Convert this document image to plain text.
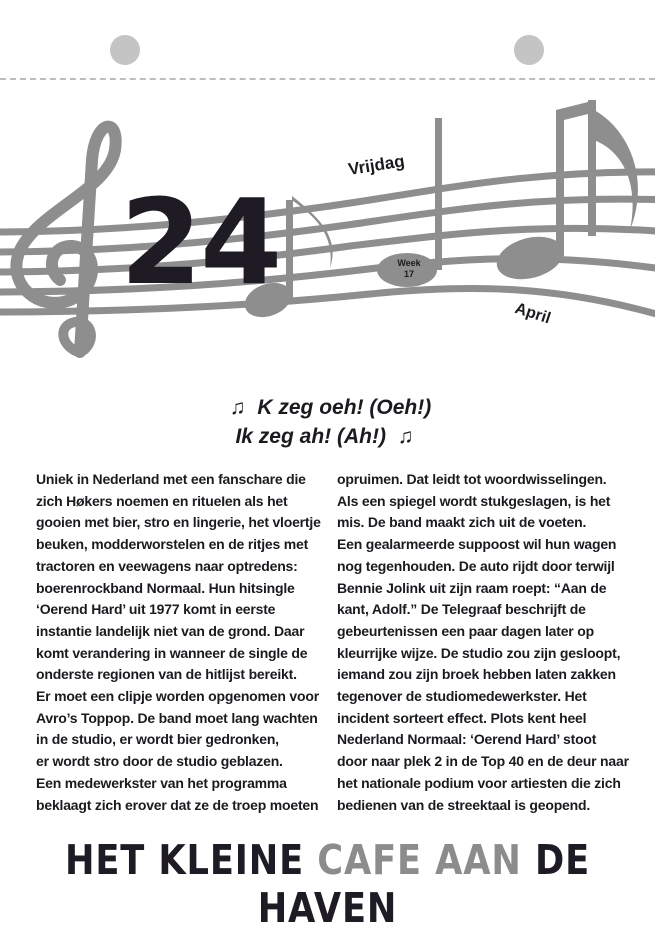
24
Vrijdag
April
Week
17
♫ K zeg oeh! (Oeh!)
Ik zeg ah! (Ah!) ♫
Uniek in Nederland met een fanschare die
zich Høkers noemen en ritueIen als het
gooien met bier, stro en lingerie, het vloertje
beuken, modderworstelen en de ritjes met
tractoren en veewagens naar optredens:
boerenrockband Normaal. Hun hitsingle
‘Oerend Hard’ uit 1977 komt in eerste
instantie landelijk niet van de grond. Daar
komt verandering in wanneer de single de
onderste regionen van de hitlijst bereikt.
Er moet een clipje worden opgenomen voor
Avro’s Toppop. De band moet lang wachten
in de studio, er wordt bier gedronken,
er wordt stro door de studio geblazen.
Een medewerkster van het programma
beklaagt zich erover dat ze de troep moeten
opruimen. Dat leidt tot woordwisselingen.
Als een spiegel wordt stukgeslagen, is het
mis. De band maakt zich uit de voeten.
Een gealarmeerde suppoost wil hun wagen
nog tegenhouden. De auto rijdt door terwijl
Bennie Jolink uit zijn raam roept: “Aan de
kant, Adolf.” De Telegraaf beschrijft de
gebeurtenissen een paar dagen later op
kleurrijke wijze. De studio zou zijn gesloopt,
iemand zou zijn broek hebben laten zakken
tegenover de studiomedewerkster. Het
incident sorteert effect. Plots kent heel
Nederland Normaal: ‘Oerend Hard’ stoot
door naar plek 2 in de Top 40 en de deur naar
het nationale podium voor artiesten die zich
bedienen van de streektaal is geopend.
HET KLEINE CAFE AAN DE HAVEN
